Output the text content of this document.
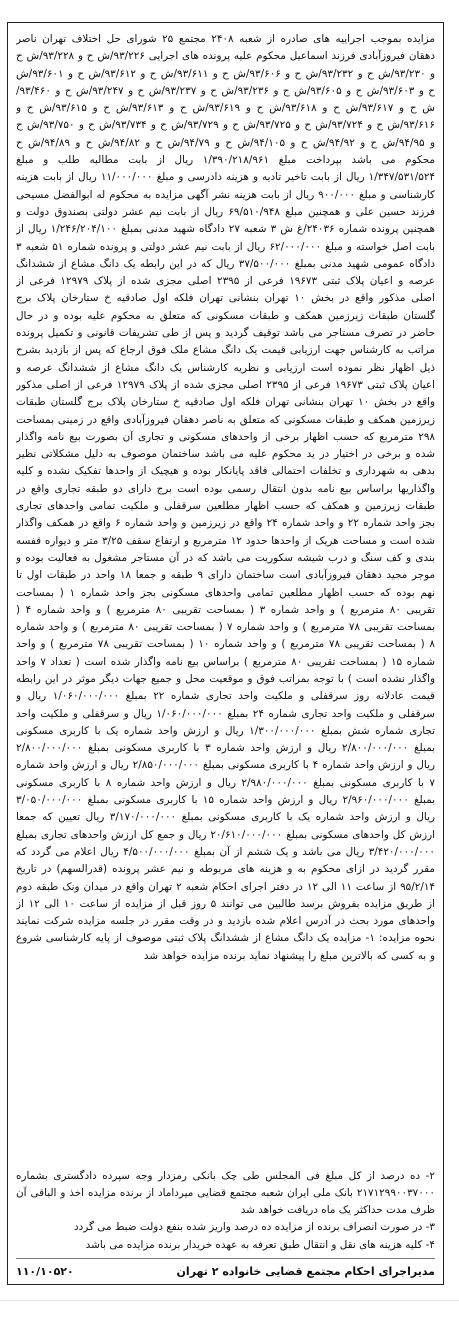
مزایده بموجب اجراییه های صادره از شعبه ۲۴۰۸ مجتمع ۲۵ شورای حل اختلاف تهران ناصر دهقان فیروزآبادی فرزند اسماعیل محکوم علیه پرونده های اجرایی ۹۳/۲۲۶/ش ح و ۹۳/۲۲۸/ش ح و ۹۳/۲۳۰/ش ح و ۹۳/۲۳۲/ش ح و ۹۳/۶۰۶/ش ح و ۹۳/۶۱۱/ش ح و ۹۳/۶۱۲/ش ح و ۹۳/۶۰۱/ش ح و ۹۳/۶۰۳/ش ح و ۹۳/۶۰۵/ش ح و ۹۳/۲۳۶/ش ح و ۹۳/۲۳۷/ش ح و ۹۳/۲۴۷/ش ح و ۹۳/۴۶۰/ش ح و ۹۳/۶۱۷/ش ح و ۹۳/۶۱۸/ش ح و ۹۳/۶۱۹/ش ح و ۹۳/۶۱۳/ش ح و ۹۳/۶۱۵/ش ح و ۹۳/۶۱۶/ش ح و ۹۳/۷۲۴/ش ح و ۹۳/۷۲۵/ش ح و ۹۳/۷۲۹/ش ح و ۹۳/۷۳۴/ش ح و ۹۳/۷۵۰/ش ح و ۹۴/۹۵/ش ح و ۹۴/۹۲/ش ح و ۹۴/۱۰۵/ش ح و ۹۴/۷۹/ش ح و ۹۴/۸۲/ش ح و ۹۴/۸۹/ش ح محکوم می باشد بپرداخت مبلغ ۱/۳۹۰/۲۱۸/۹۶۱ ریال از بابت مطالبه طلب و مبلغ ۱/۳۴۷/۵۳۱/۵۲۴ ریال از بابت تاخیر تادیه و هزینه دادرسی و مبلغ ۱۱/۰۰۰/۰۰۰ ریال از بابت هزینه کارشناسی و مبلغ ۹۰۰/۰۰۰ ریال از بابت هزینه نشر آگهی مزایده به محکوم له ابوالفضل مسیحی فرزند حسین علی و همچنین مبلغ ۶۹/۵۱۰/۹۴۸ ریال از بابت نیم عشر دولتی بصندوق دولت و همچنین پرونده شماره ۲۴۰۳۶/غ ش ۳ شعبه ۲۷ دادگاه شهید مدنی بمبلغ ۱/۲۴۶/۲۰۴/۱۰۰ ریال از بابت اصل خواسته و مبلغ ۶۲/۰۰۰/۰۰۰ ریال از بابت نیم عشر دولتی و پرونده شماره ۵۱ شعبه ۳ دادگاه عمومی شهید مدنی بمبلغ ۳۷/۵۰۰/۰۰۰ ریال که در این رابطه یک دانگ مشاع از ششدانگ عرصه و اعیان پلاک ثبتی ۱۹۶۷۳ فرعی از ۲۳۹۵ اصلی مجزی شده از پلاک ۱۲۹۷۹ فرعی از اصلی مذکور واقع در بخش ۱۰ تهران بنشانی تهران فلکه اول صادقیه خ ستارخان پلاک برج گلستان طبقات زیرزمین همکف و طبقات مسکونی که متعلق به محکوم علیه بوده و در حال حاضر در تصرف مستاجر می باشد توقیف گردید و پس از طی تشریفات قانونی و تکمیل پرونده مراتب به کارشناس جهت ارزیابی قیمت یک دانگ مشاع ملک فوق ارجاع که پس از بازدید بشرح ذیل اظهار نظر نموده است ارزیابی و نظریه کارشناس یک دانگ مشاع از ششدانگ عرصه و اعیان پلاک ثبتی ۱۹۶۷۳ فرعی از ۲۳۹۵ اصلی مجزی شده از پلاک ۱۲۹۷۹ فرعی از اصلی مذکور واقع در بخش ۱۰ تهران بنشانی تهران فلکه اول صادقیه خ ستارخان پلاک برج گلستان طبقات زیرزمین همکف و طبقات مسکونی که متعلق به ناصر دهقان فیروزآبادی واقع در زمینی بمساحت ۲۹۸ مترمربع که حسب اظهار برخی از واحدهای مسکونی و تجاری آن بصورت بیع نامه واگذار شده و برخی در اختیار در ید محکوم علیه می باشد ساختمان موصوف به دلیل مشکلاتی نظیر بدهی به شهرداری و تخلفات احتمالی فاقد پایانکار بوده و هیچیک از واحدها تفکیک نشده و کلیه واگذاریها براساس بیع نامه بدون انتقال رسمی بوده است برج دارای دو طبقه تجاری واقع در طبقات زیرزمین و همکف که حسب اظهار مطلعین سرقفلی و ملکیت تمامی واحدهای تجاری بجز واحد شماره ۲۲ و واحد شماره ۲۴ واقع در زیرزمین و واحد شماره ۶ واقع در همکف واگذار شده است و مساحت هریک از واحدها حدود ۱۲ مترمربع و ارتفاع سقف ۳/۲۵ متر و دیواره قفسه بندی و کف سنگ و درب شیشه سکوریت می باشد که در آن مستاجر مشغول به فعالیت بوده و موجر مجید دهقان فیروزآبادی است ساختمان دارای ۹ طبقه و جمعا ۱۸ واحد در طبقات اول تا نهم بوده که حسب اظهار مطلعین تمامی واحدهای مسکونی بجز واحد شماره ۱ ( بمساحت تقریبی ۸۰ مترمربع ) و واحد شماره ۳ ( بمساحت تقریبی ۸۰ مترمربع ) و واحد شماره ۴ ( بمساحت تقریبی ۷۸ مترمربع ) و واحد شماره ۷ ( بمساحت تقریبی ۸۰ مترمربع ) و واحد شماره ۸ ( بمساحت تقریبی ۷۸ مترمربع ) و واحد شماره ۱۰ ( بمساحت تقریبی ۷۸ مترمربع ) و واحد شماره ۱۵ ( بمساحت تقریبی ۸۰ مترمربع ) براساس بیع نامه واگذار شده است ( تعداد ۷ واحد واگذار نشده است ) با توجه بمراتب فوق و موقعیت محل و جمیع جهات دیگر موثر در این رابطه قیمت عادلانه روز سرقفلی و ملکیت واحد تجاری شماره ۲۲ بمبلغ ۱/۰۶۰/۰۰۰/۰۰۰ ریال و سرقفلی و ملکیت واحد تجاری شماره ۲۴ بمبلغ ۱/۰۶۰/۰۰۰/۰۰۰ ریال و سرقفلی و ملکیت واحد تجاری شماره شش بمبلغ ۱/۳۰۰/۰۰۰/۰۰۰ ریال و ارزش واحد شماره یک با کاربری مسکونی بمبلغ ۲/۸۰۰/۰۰۰/۰۰۰ ریال و ارزش واحد شماره ۳ با کاربری مسکونی بمبلغ ۲/۸۰۰/۰۰۰/۰۰۰ ریال و ارزش واحد شماره ۴ با کاربری مسکونی بمبلغ ۲/۸۵۰/۰۰۰/۰۰۰ ریال و ارزش واحد شماره ۷ با کاربری مسکونی بمبلغ ۲/۹۸۰/۰۰۰/۰۰۰ ریال و ارزش واحد شماره ۸ با کاربری مسکونی بمبلغ ۲/۹۶۰/۰۰۰/۰۰۰ ریال و ارزش واحد شماره ۱۵ با کاربری مسکونی بمبلغ ۳/۰۵۰/۰۰۰/۰۰۰ ریال و ارزش واحد شماره یک با کاربری مسکونی بمبلغ ۳/۱۷۰/۰۰۰/۰۰۰ ریال تعیین که جمعا ارزش کل واحدهای مسکونی بمبلغ ۲۰/۶۱۰/۰۰۰/۰۰۰ ریال و جمع کل ارزش واحدهای تجاری بمبلغ ۳/۴۲۰/۰۰۰/۰۰۰ ریال می باشد و یک ششم از آن بمبلغ ۴/۵۰۰/۰۰۰/۰۰۰ ریال اعلام می گردد که مقرر گردید در ازای محکوم به و هزینه های مربوطه و نیم عشر پرونده (قدرالسهم) در تاریخ ۹۵/۲/۱۴ از ساعت ۱۱ الی ۱۲ در دفتر اجرای احکام شعبه ۲ تهران واقع در میدان ونک طبقه دوم از طریق مزایده بفروش برسد طالبین می توانند ۵ روز قبل از مزایده از ساعت ۱۰ الی ۱۲ از واحدهای مورد بحث در آدرس اعلام شده بازدید و در وقت مقرر در جلسه مزایده شرکت نمایند نحوه مزایده: ۱- مزایده یک دانگ مشاع از ششدانگ پلاک ثبتی موصوف از پایه کارشناسی شروع و به کسی که بالاترین مبلغ را پیشنهاد نماید برنده مزایده خواهد شد

۲- ده درصد از کل مبلغ فی المجلس طی چک بانکی رمزدار وجه سپرده دادگستری بشماره ۲۱۷۱۲۹۹۰۰۳۷۰۰۰ بانک ملی ایران شعبه مجتمع قضایی میرداماد از برنده مزایده اخذ و الباقی آن ظرف مدت حداکثر یک ماه دریافت خواهد شد
۳- در صورت انصراف برنده از مزایده ده درصد واریز شده بنفع دولت ضبط می گردد
۴- کلیه هزینه های نقل و انتقال طبق تعرفه به عهده خریدار برنده مزایده می باشد
مدیراجرای احکام مجتمع قضایی خانواده ۲ تهران
۱۱۰/۱۰۵۲۰
